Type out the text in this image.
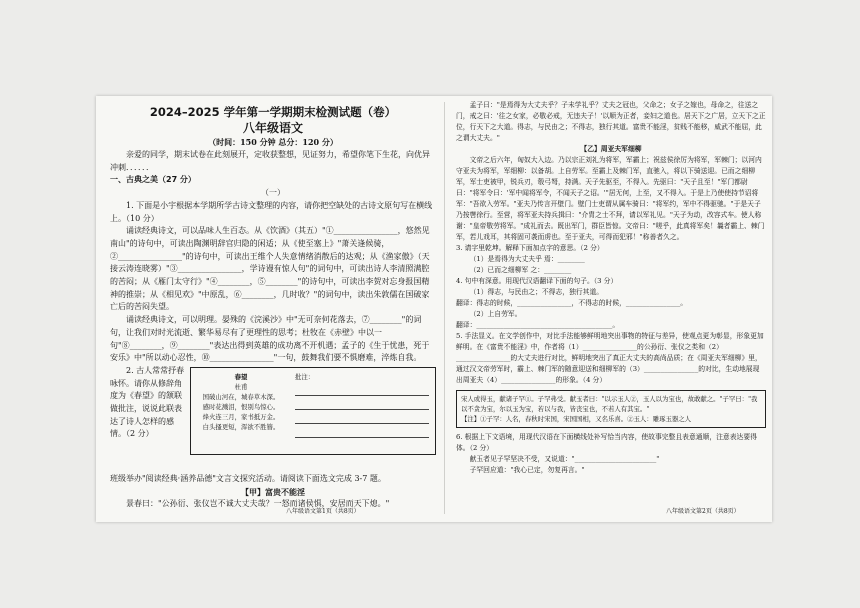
2024–2025 学年第一学期期末检测试题（卷）
八年级语文
（时间：150 分钟 总分：120 分）

亲爱的同学，期末试卷在此刻展开，定收获整想，见证努力，希望你笔下生花，向优异冲刺．．．．．．

一、古典之美（27 分）

（一）

1. 下面是小宇根据本学期所学古诗文整理的内容，请你把空缺处的古诗文原句写在横线上。（10 分）

诵读经典诗文，可以品味人生百态。从《饮酒》（其五）"①________________，悠然见南山"的诗句中，可读出陶渊明辞官归隐的闲适；从《使至塞上》"萧关逢候骑，②________________"的诗句中，可读出王维个人失意情绪消散后的达观；从《渔家傲》（天接云涛连晓雾）"③________________，学诗谩有惊人句"的词句中，可读出诗人李清照满腔的苦闷；从《雁门太守行》"④________，⑤________"的诗句中，可读出李贺对忘身报国精神的推崇；从《相见欢》"中原乱，⑥________，几时收？"的词句中，读出朱敦儒在国破家亡后的苦闷失望。

诵读经典诗文，可以明理。晏殊的《浣溪沙》中"无可奈何花落去，⑦________"的词句，让我们对时光流逝、繁华易尽有了更理性的思考；杜牧在《赤壁》中以一句"⑧________，⑨________"表达出得到英雄的成功离不开机遇；孟子的《生于忧患，死于安乐》中"所以动心忍性，⑩________________"一句，鼓舞我们要不惧磨难，淬炼自我。

2. 古人常常抒春咏怀。请你从修辞角度为《春望》的颔联做批注，说说此联表达了诗人怎样的感情。（2 分）
春望
杜甫
国破山河在，城春草木深。
感时花溅泪，恨别鸟惊心。
烽火连三月，家书抵万金。
白头搔更短，浑欲不胜簪。
批注：

班级举办"阅读经典·涵养品德"文言文探究活动。请阅读下面选文完成 3-7 题。

【甲】富贵不能淫

景春曰："公孙衍、张仪岂不诚大丈夫哉？一怒而诸侯惧，安居而天下熄。"

孟子曰："是焉得为大丈夫乎？子未学礼乎？丈夫之冠也，父命之；女子之嫁也，母命之，往送之门，戒之曰：'往之女家，必敬必戒，无违夫子！'以顺为正者，妾妇之道也。居天下之广居，立天下之正位，行天下之大道。得志，与民由之；不得志，独行其道。富贵不能淫，贫贱不能移，威武不能屈，此之谓大丈夫。"

【乙】周亚夫军细柳

文帝之后六年，匈奴大入边。乃以宗正刘礼为将军，军霸上；祝兹侯徐厉为将军，军棘门；以河内守亚夫为将军，军细柳：以备胡。上自劳军。至霸上及棘门军，直驰入，将以下骑送迎。已而之细柳军，军士吏被甲，锐兵刃，彀弓弩，持满。天子先驱至，不得入。先驱曰："天子且至！"军门都尉曰："将军令曰：'军中闻将军令，不闻天子之诏。'"居无何，上至，又不得入。于是上乃使使持节诏将军："吾欲入劳军。"亚夫乃传言开壁门。壁门士吏谓从属车骑曰："将军约，军中不得驱驰。"于是天子乃按辔徐行。至营，将军亚夫持兵揖曰："介胄之士不拜，请以军礼见。"天子为动，改容式车。使人称谢："皇帝敬劳将军。"成礼而去。既出军门，群臣皆惊。文帝曰："嗟乎，此真将军矣！曩者霸上、棘门军，若儿戏耳，其将固可袭而虏也。至于亚夫，可得而犯邪！"称善者久之。

3. 请字里乾坤。解释下面加点字的意思。（2 分）

（1）是焉得为大丈夫乎 焉：________

（2）已而之细柳军 之：________

4. 句中有深意。用现代汉语翻译下面的句子。（3 分）

（1）得志，与民由之；不得志，独行其道。

翻译：得志的时候，________________，不得志的时候，________________。

（2）上自劳军。

翻译：________________________________________。

5. 手法显义。在文学创作中，对比手法能够鲜明地突出事物的特征与差异，使观点更为彰显，形象更加鲜明。在《富贵不能淫》中，作者将（1）________________的公孙衍、张仪之类和（2）________________的大丈夫进行对比，鲜明地突出了真正大丈夫的高尚品质；在《周亚夫军细柳》里，通过汉文帝劳军时，霸上、棘门军的随意迎送和细柳军的（3）________________的对比，生动地展现出周亚夫（4）________________的形象。（4 分）

宋人或得玉，献诸子罕①。子罕弗受。献玉者曰："以示玉人②，玉人以为宝也，故敢献之。"子罕曰："我以不贪为宝，尔以玉为宝，若以与我，皆丧宝也，不若人有其宝。"
【注】①子罕：人名，春秋时宋国，宋国国相，又名乐喜。②玉人：雕琢玉器之人

6. 根据上下文语境，用现代汉语在下面横线处补写恰当内容，使故事完整且表意通顺，注意表达要得体。（2 分）

献玉者见子罕坚决不受，又说道："________________________"

子罕回应道："我心已定，勿复再言。"

八年级语文第1页（共8页）	八年级语文第2页（共8页）
